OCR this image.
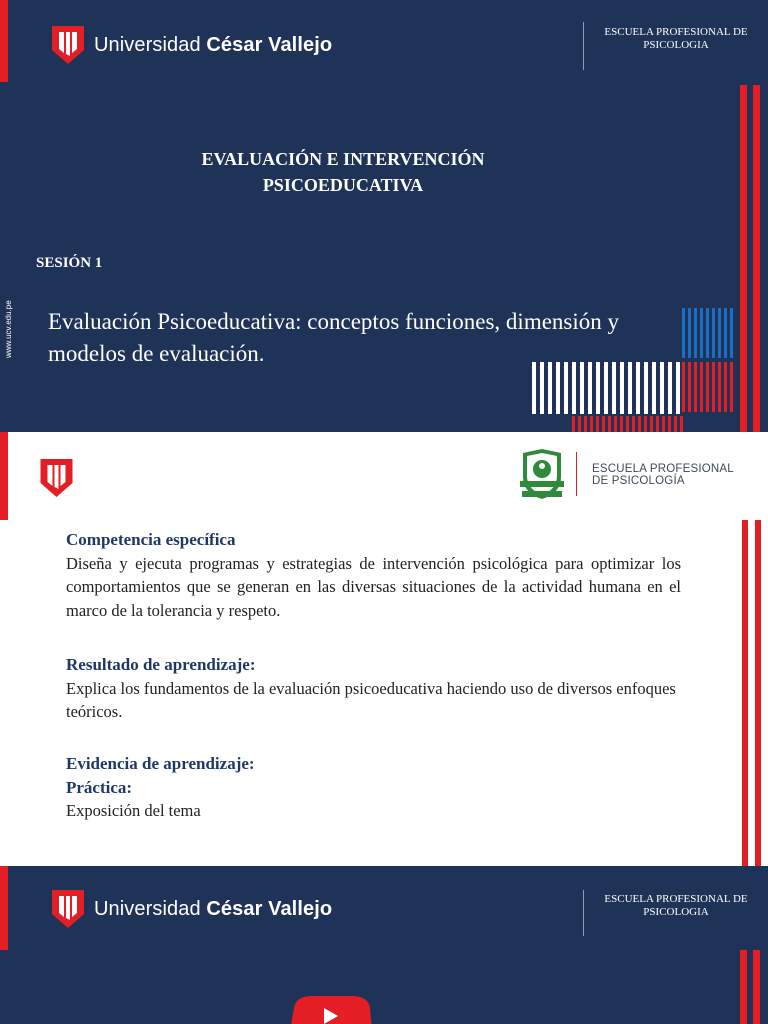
Universidad César Vallejo
ESCUELA PROFESIONAL DE
PSICOLOGIA
EVALUACIÓN E INTERVENCIÓN
PSICOEDUCATIVA
SESIÓN 1
Evaluación Psicoeducativa: conceptos funciones, dimensión y modelos de evaluación.
www.ucv.edu.pe
ESCUELA PROFESIONAL
DE PSICOLOGÍA
Competencia específica
Diseña y ejecuta programas y estrategias de intervención psicológica para optimizar los comportamientos que se generan en las diversas situaciones de la actividad humana en el marco de la tolerancia y respeto.
Resultado de aprendizaje:
Explica los fundamentos de la evaluación psicoeducativa haciendo uso de diversos enfoques teóricos.
Evidencia de aprendizaje:
Práctica:
Exposición del tema
Universidad César Vallejo	ESCUELA PROFESIONAL DE
PSICOLOGIA
